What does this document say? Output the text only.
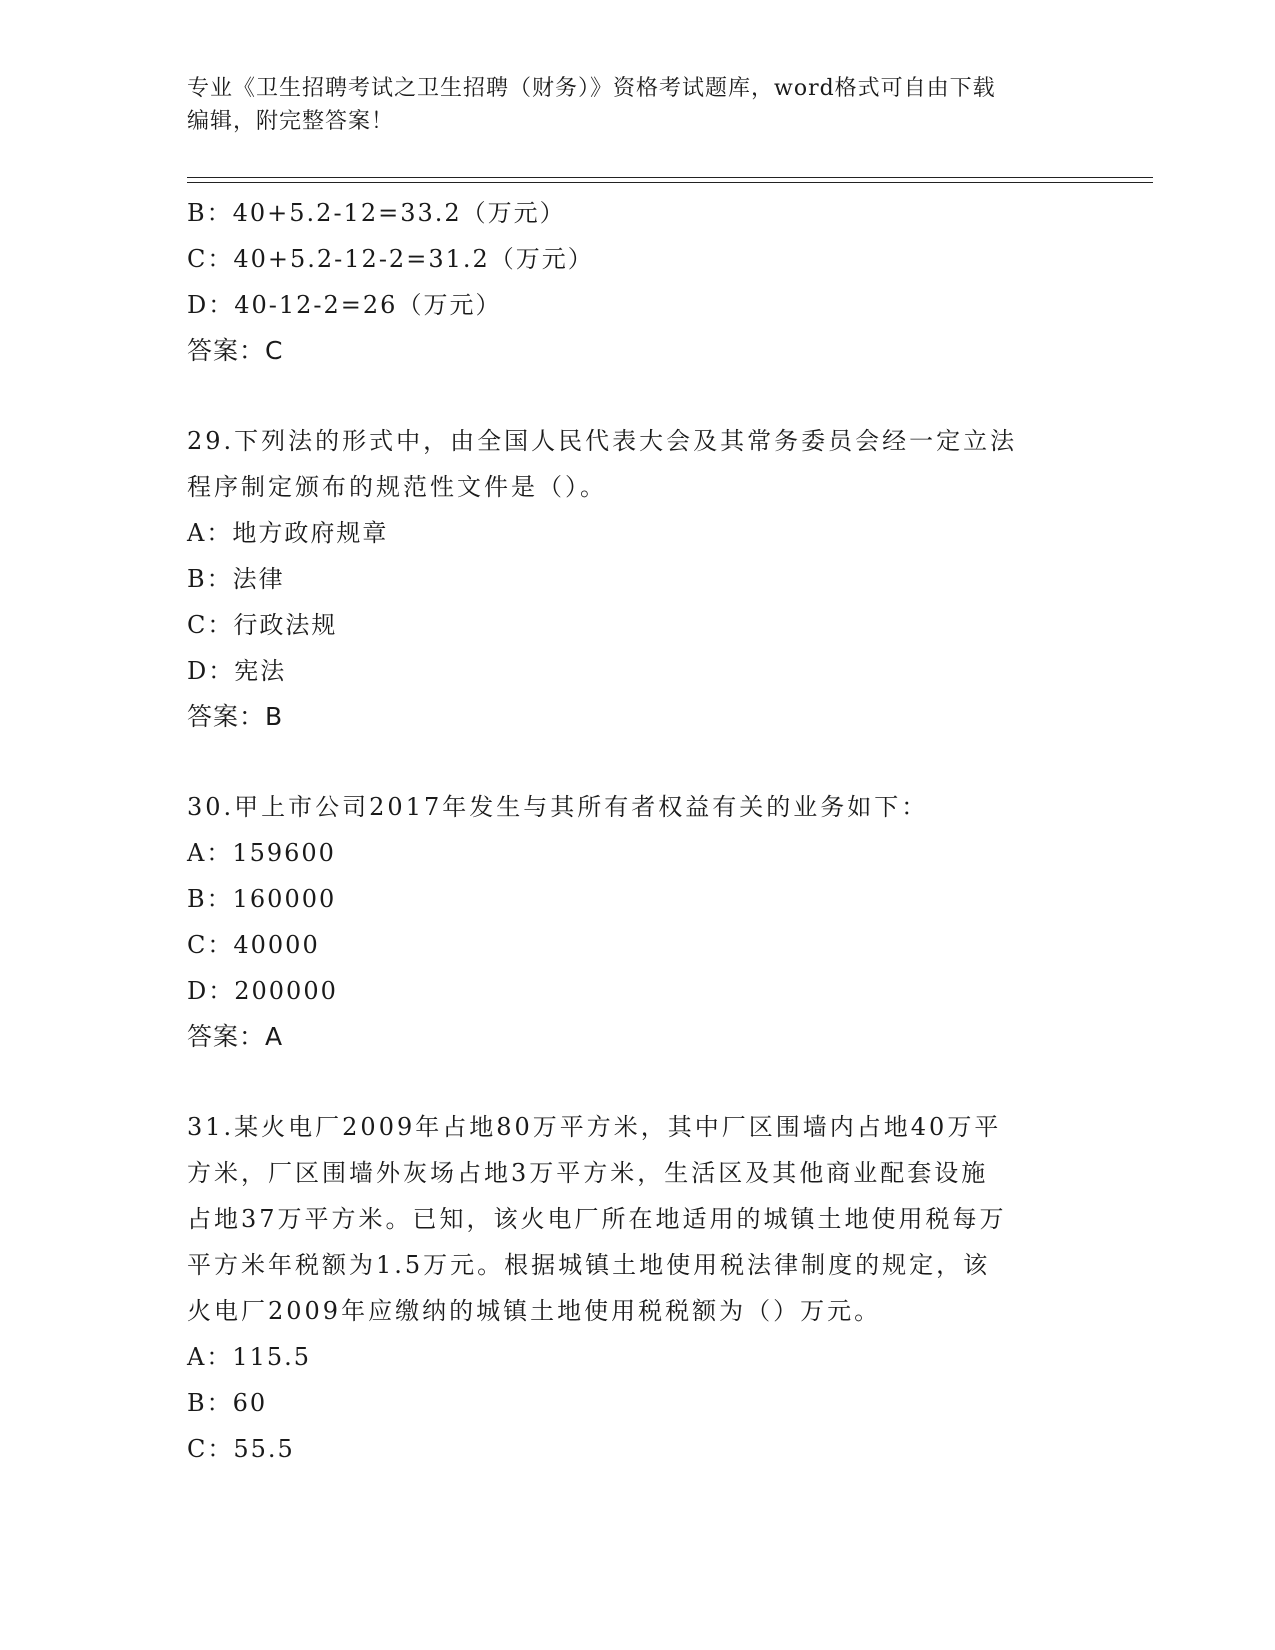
专业《卫生招聘考试之卫生招聘（财务）》资格考试题库，word格式可自由下载
编辑，附完整答案！
B：40+5.2-12=33.2（万元）
C：40+5.2-12-2=31.2（万元）
D：40-12-2=26（万元）
答案：C
29.下列法的形式中，由全国人民代表大会及其常务委员会经一定立法
程序制定颁布的规范性文件是（）。
A：地方政府规章
B：法律
C：行政法规
D：宪法
答案：B
30.甲上市公司2017年发生与其所有者权益有关的业务如下：
A：159600
B：160000
C：40000
D：200000
答案：A
31.某火电厂2009年占地80万平方米，其中厂区围墙内占地40万平
方米，厂区围墙外灰场占地3万平方米，生活区及其他商业配套设施
占地37万平方米。已知，该火电厂所在地适用的城镇土地使用税每万
平方米年税额为1.5万元。根据城镇土地使用税法律制度的规定，该
火电厂2009年应缴纳的城镇土地使用税税额为（）万元。
A：115.5
B：60
C：55.5
